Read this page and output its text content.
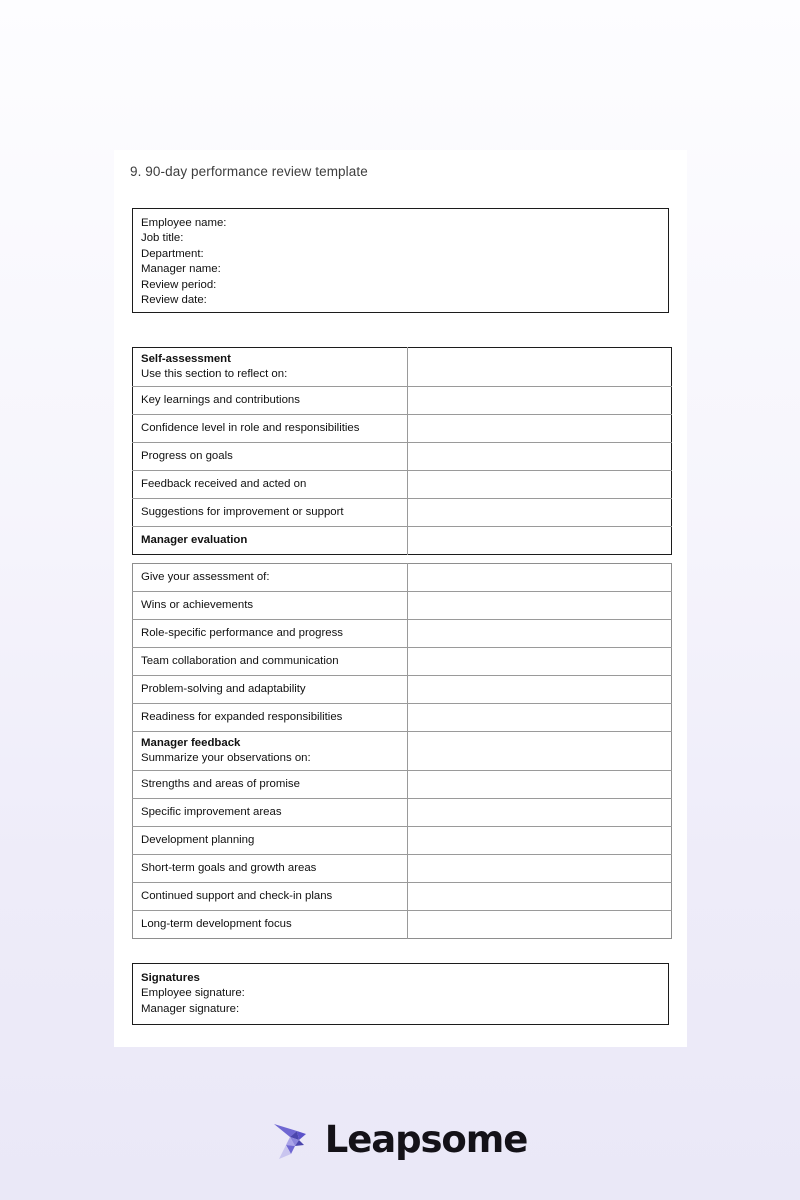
9. 90-day performance review template
Employee name:
Job title:
Department:
Manager name:
Review period:
Review date:
Self-assessment
Use this section to reflect on:	

Key learnings and contributions	

Confidence level in role and responsibilities	

Progress on goals	

Feedback received and acted on	

Suggestions for improvement or support	

Manager evaluation	

Give your assessment of:	

Wins or achievements	

Role-specific performance and progress	

Team collaboration and communication	

Problem-solving and adaptability	

Readiness for expanded responsibilities	

Manager feedback
Summarize your observations on:	

Strengths and areas of promise	

Specific improvement areas	

Development planning	

Short-term goals and growth areas	

Continued support and check-in plans	

Long-term development focus	

Signatures
Employee signature:
Manager signature:
Leapsome
